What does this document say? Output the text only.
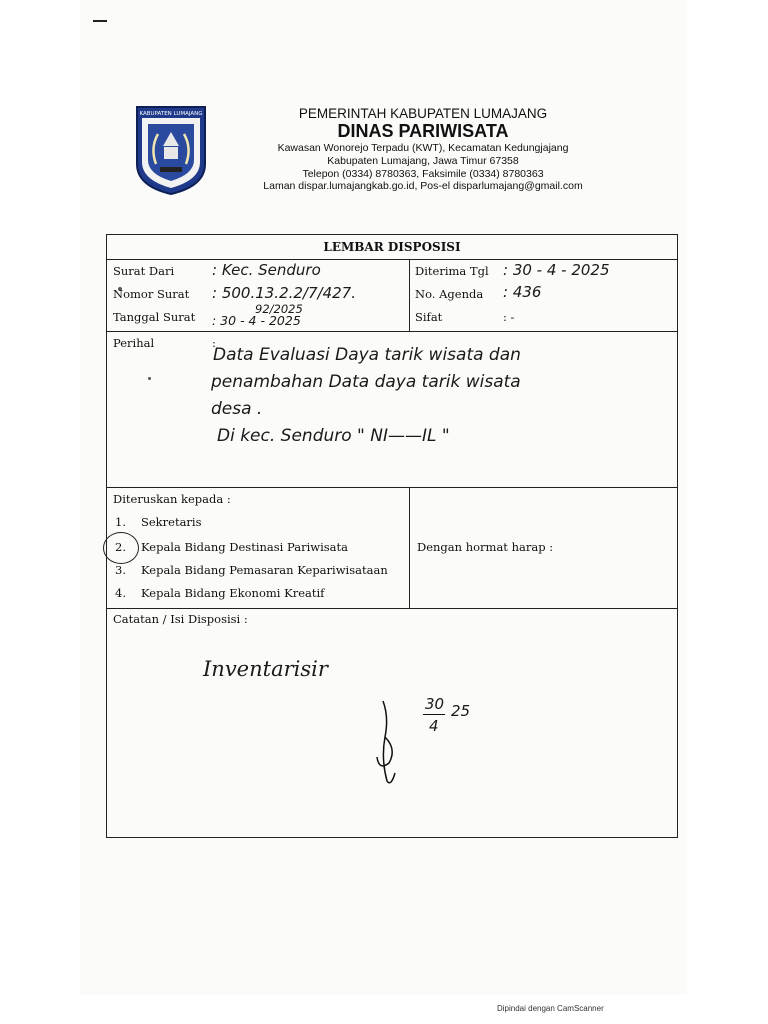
KABUPATEN LUMAJANG	PEMERINTAH KABUPATEN LUMAJANG
DINAS PARIWISATA
Kawasan Wonorejo Terpadu (KWT), Kecamatan Kedungjajang
Kabupaten Lumajang, Jawa Timur 67358
Telepon (0334) 8780363, Faksimile (0334) 8780363
Laman dispar.lumajangkab.go.id, Pos-el disparlumajang@gmail.com
LEMBAR DISPOSISI
Surat Dari	: Kec. Senduro
Nomor Surat : 500.13.2.2/7/427.
92/2025
Tanggal Surat : 30 - 4 - 2025
Diterima Tgl : 30 - 4 - 2025
No. Agenda : 436
Sifat	: -
Perihal	:
Data Evaluasi Daya tarik wisata dan
penambahan Data daya tarik wisata
desa .
Di kec. Senduro " NI——IL "
Diteruskan kepada :
1. Sekretaris
2. Kepala Bidang Destinasi Pariwisata
3. Kepala Bidang Pemasaran Kepariwisataan
4. Kepala Bidang Ekonomi Kreatif
Dengan hormat harap :
Catatan / Isi Disposisi :
Inventarisir
30
4
25
Dipindai dengan CamScanner
